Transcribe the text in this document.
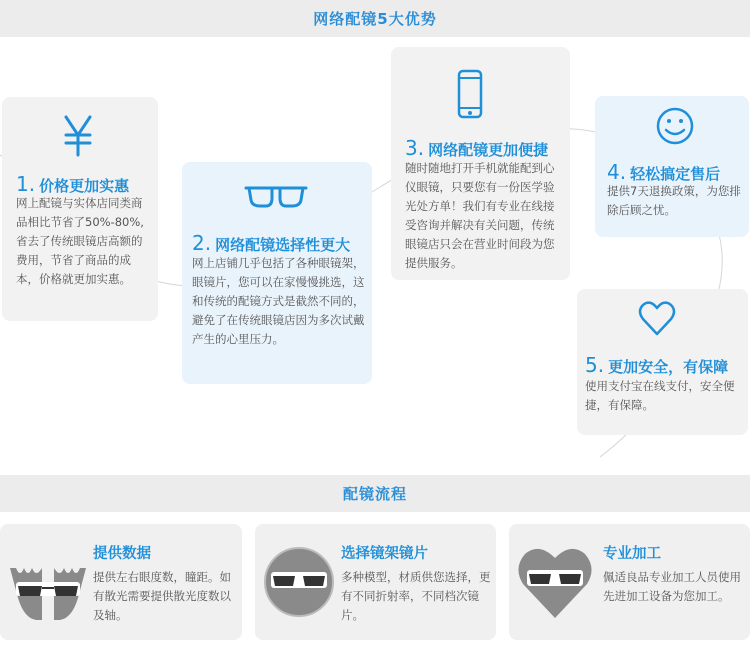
网络配镜5大优势
1. 价格更加实惠
网上配镜与实体店同类商品相比节省了50%-80%,省去了传统眼镜店高额的费用，节省了商品的成本，价格就更加实惠。
2. 网络配镜选择性更大
网上店铺几乎包括了各种眼镜架，眼镜片，您可以在家慢慢挑选，这和传统的配镜方式是截然不同的，避免了在传统眼镜店因为多次试戴产生的心里压力。
3. 网络配镜更加便捷
随时随地打开手机就能配到心仪眼镜，只要您有一份医学验光处方单！我们有专业在线接受咨询并解决有关问题，传统眼镜店只会在营业时间段为您提供服务。
4. 轻松搞定售后
提供7天退换政策，为您排除后顾之忧。
5. 更加安全，有保障
使用支付宝在线支付，安全便捷，有保障。
配镜流程
提供数据
提供左右眼度数，瞳距。如有散光需要提供散光度数以及轴。
选择镜架镜片
多种模型，材质供您选择，更有不同折射率，不同档次镜片。
专业加工
佩适良品专业加工人员使用先进加工设备为您加工。
